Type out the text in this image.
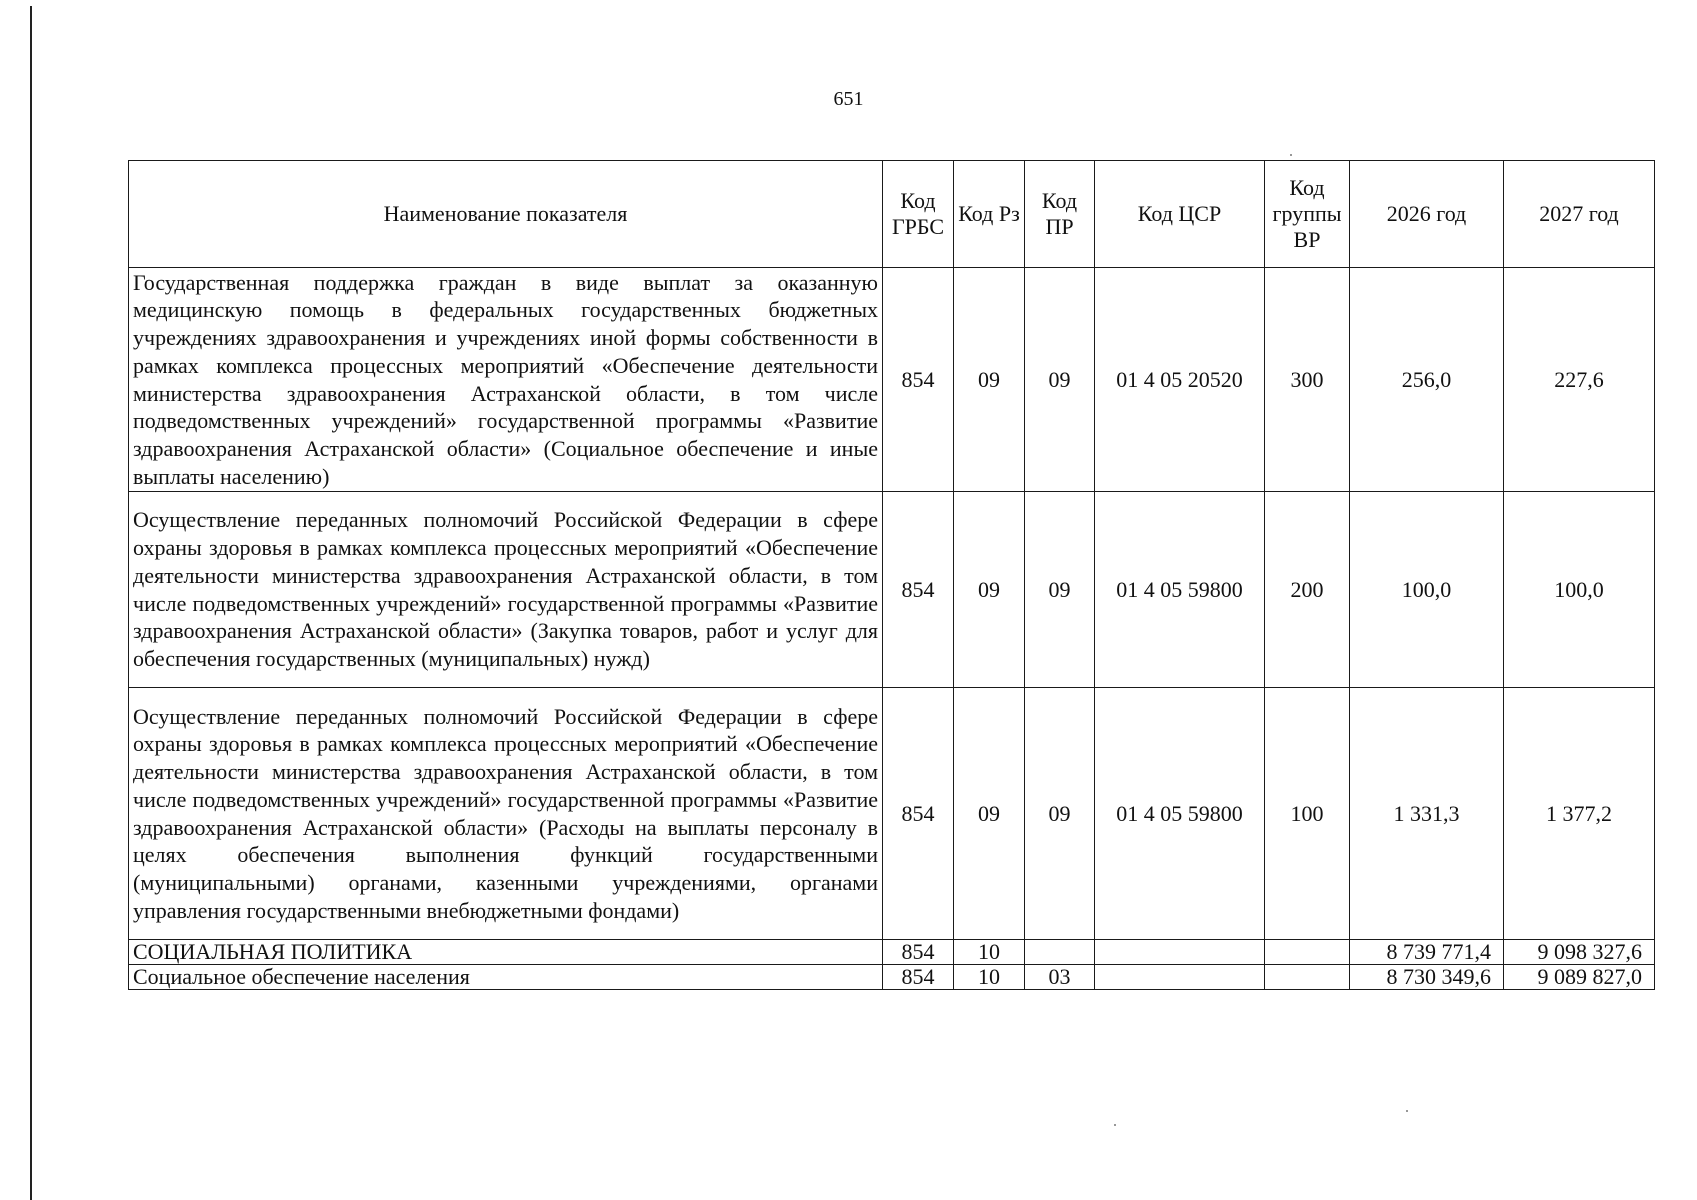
651
Наименование показателя	Код ГРБС	Код Рз	Код ПР	Код ЦСР	Код группы ВР	2026 год	2027 год
Государственная поддержка граждан в виде выплат за оказанную медицинскую помощь в федеральных государственных бюджетных учреждениях здравоохранения и учреждениях иной формы собственности в рамках комплекса процессных мероприятий «Обеспечение деятельности министерства здравоохранения Астраханской области, в том числе подведомственных учреждений» государственной программы «Развитие здравоохранения Астраханской области» (Социальное обеспечение и иные выплаты населению)	854	09	09	01 4 05 20520	300	256,0	227,6
Осуществление переданных полномочий Российской Федерации в сфере охраны здоровья в рамках комплекса процессных мероприятий «Обеспечение деятельности министерства здравоохранения Астраханской области, в том числе подведомственных учреждений» государственной программы «Развитие здравоохранения Астраханской области» (Закупка товаров, работ и услуг для обеспечения государственных (муниципальных) нужд)	854	09	09	01 4 05 59800	200	100,0	100,0
Осуществление переданных полномочий Российской Федерации в сфере охраны здоровья в рамках комплекса процессных мероприятий «Обеспечение деятельности министерства здравоохранения Астраханской области, в том числе подведомственных учреждений» государственной программы «Развитие здравоохранения Астраханской области» (Расходы на выплаты персоналу в целях обеспечения выполнения функций государственными (муниципальными) органами, казенными учреждениями, органами управления государственными внебюджетными фондами)	854	09	09	01 4 05 59800	100	1 331,3	1 377,2
СОЦИАЛЬНАЯ ПОЛИТИКА	854	10				8 739 771,4	9 098 327,6
Социальное обеспечение населения	854	10	03			8 730 349,6	9 089 827,0
